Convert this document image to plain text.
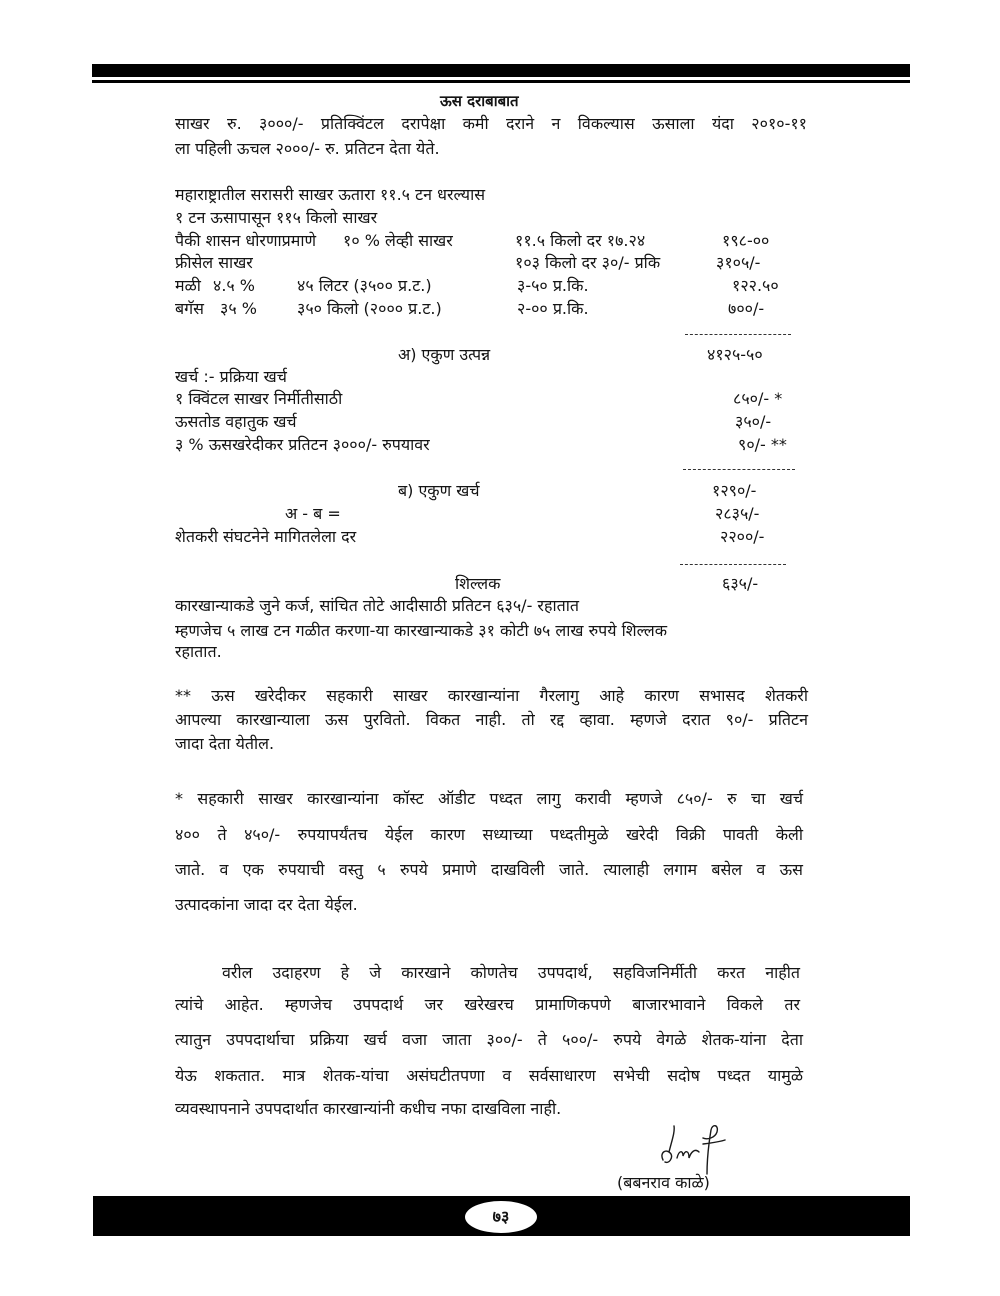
ऊस दराबाबात
साखर रु. ३०००/- प्रतिक्विंटल दरापेक्षा कमी दराने न विकल्यास ऊसाला यंदा २०१०-११
ला पहिली ऊचल २०००/- रु. प्रतिटन देता येते.
महाराष्ट्रातील सरासरी साखर ऊतारा ११.५ टन धरल्यास
१ टन ऊसापासून ११५ किलो साखर
पैकी शासन धोरणाप्रमाणे १० % लेव्ही साखर	११.५ किलो दर १७.२४	१९८-००
फ्रीसेल साखर	१०३ किलो दर ३०/- प्रकि	३१०५/-
मळी ४.५ %	४५ लिटर (३५०० प्र.ट.)	३-५० प्र.कि.	१२२.५०
बगॅस ३५ %	३५० किलो (२००० प्र.ट.)	२-०० प्र.कि.	७००/-
अ) एकुण उत्पन्न	४१२५-५०
खर्च :- प्रक्रिया खर्च
१ क्विंटल साखर निर्मीतीसाठी	८५०/- *
ऊसतोड वहातुक खर्च	३५०/-
३ % ऊसखरेदीकर प्रतिटन ३०००/- रुपयावर	९०/- **
ब) एकुण खर्च	१२९०/-
अ - ब =	२८३५/-
शेतकरी संघटनेने मागितलेला दर	२२००/-
शिल्लक	६३५/-
कारखान्याकडे जुने कर्ज, सांचित तोटे आदीसाठी प्रतिटन ६३५/- रहातात
म्हणजेच ५ लाख टन गळीत करणा-या कारखान्याकडे ३१ कोटी ७५ लाख रुपये शिल्लक
रहातात.
** ऊस खरेदीकर सहकारी साखर कारखान्यांना गैरलागु आहे कारण सभासद शेतकरी
आपल्या कारखान्याला ऊस पुरवितो. विकत नाही. तो रद्द व्हावा. म्हणजे दरात ९०/- प्रतिटन
जादा देता येतील.
* सहकारी साखर कारखान्यांना कॉस्ट ऑडीट पध्दत लागु करावी म्हणजे ८५०/- रु चा खर्च
४०० ते ४५०/- रुपयापर्यंतच येईल कारण सध्याच्या पध्दतीमुळे खरेदी विक्री पावती केली
जाते. व एक रुपयाची वस्तु ५ रुपये प्रमाणे दाखविली जाते. त्यालाही लगाम बसेल व ऊस
उत्पादकांना जादा दर देता येईल.
वरील उदाहरण हे जे कारखाने कोणतेच उपपदार्थ, सहविजनिर्मीती करत नाहीत
त्यांचे आहेत. म्हणजेच उपपदार्थ जर खरेखरच प्रामाणिकपणे बाजारभावाने विकले तर
त्यातुन उपपदार्थाचा प्रक्रिया खर्च वजा जाता ३००/- ते ५००/- रुपये वेगळे शेतक-यांना देता
येऊ शकतात. मात्र शेतक-यांचा असंघटीतपणा व सर्वसाधारण सभेची सदोष पध्दत यामुळे
व्यवस्थापनाने उपपदार्थात कारखान्यांनी कधीच नफा दाखविला नाही.
(बबनराव काळे)
७३
